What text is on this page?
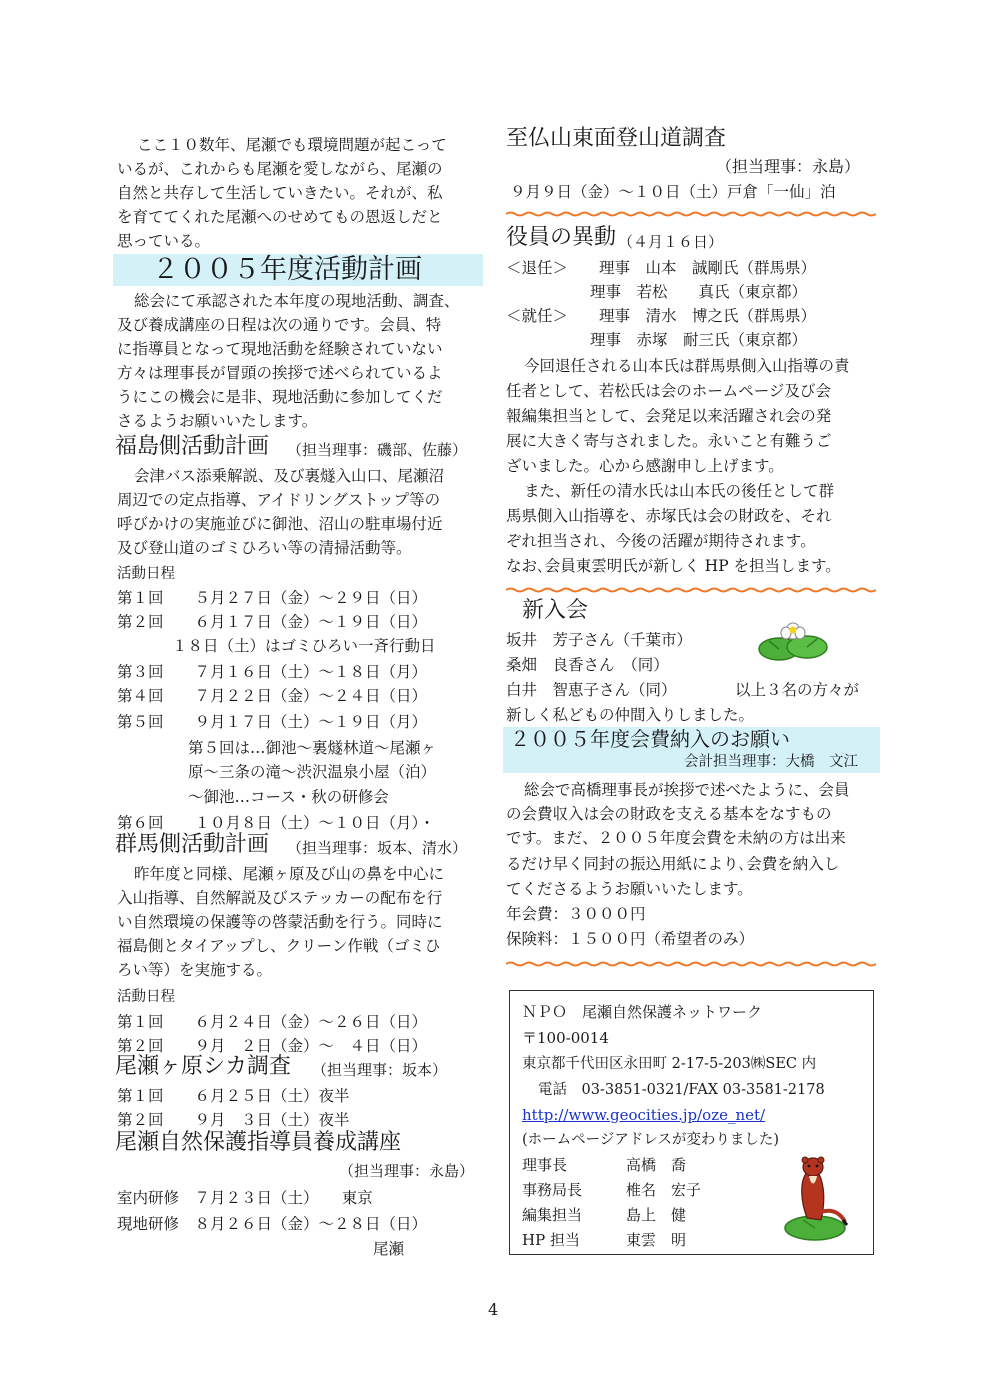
ここ１０数年、尾瀬でも環境問題が起こって
いるが、これからも尾瀬を愛しながら、尾瀬の
自然と共存して生活していきたい。それが、私
を育ててくれた尾瀬へのせめてもの恩返しだと
思っている。
２００５年度活動計画
総会にて承認された本年度の現地活動、調査、
及び養成講座の日程は次の通りです。会員、特
に指導員となって現地活動を経験されていない
方々は理事長が冒頭の挨拶で述べられているよ
うにこの機会に是非、現地活動に参加してくだ
さるようお願いいたします。
福島側活動計画 （担当理事：磯部、佐藤）
会津バス添乗解説、及び裏燧入山口、尾瀬沼
周辺での定点指導、アイドリングストップ等の
呼びかけの実施並びに御池、沼山の駐車場付近
及び登山道のゴミひろい等の清掃活動等。
活動日程
第１回　　５月２７日（金）～２９日（日）
第２回　　６月１７日（金）～１９日（日）
１８日（土）はゴミひろい一斉行動日
第３回　　７月１６日（土）～１８日（月）
第４回　　７月２２日（金）～２４日（日）
第５回　　９月１７日（土）～１９日（月）
第５回は…御池～裏燧林道～尾瀬ヶ
原～三条の滝～渋沢温泉小屋（泊）
～御池…コース・秋の研修会
第６回　　１０月８日（土）～１０日（月）・
群馬側活動計画 （担当理事：坂本、清水）
昨年度と同様、尾瀬ヶ原及び山の鼻を中心に
入山指導、自然解説及びステッカーの配布を行
い自然環境の保護等の啓蒙活動を行う。同時に
福島側とタイアップし、クリーン作戦（ゴミひ
ろい等）を実施する。
活動日程
第１回　　６月２４日（金）～２６日（日）
第２回　　９月　２日（金）～　４日（日）
尾瀬ヶ原シカ調査 （担当理事：坂本）
第１回　　６月２５日（土）夜半
第２回　　９月　３日（土）夜半
尾瀬自然保護指導員養成講座
（担当理事：永島）
室内研修　７月２３日（土）　　東京
現地研修　８月２６日（金）～２８日（日）
尾瀬
至仏山東面登山道調査
（担当理事：永島）
９月９日（金）～１０日（土）戸倉「一仙」泊
役員の異動 （４月１６日）
＜退任＞　　理事　山本　誠剛氏（群馬県）
理事　若松　　真氏（東京都）
＜就任＞　　理事　清水　博之氏（群馬県）
理事　赤塚　耐三氏（東京都）
今回退任される山本氏は群馬県側入山指導の責
任者として、若松氏は会のホームページ及び会
報編集担当として、会発足以来活躍され会の発
展に大きく寄与されました。永いこと有難うご
ざいました。心から感謝申し上げます。
また、新任の清水氏は山本氏の後任として群
馬県側入山指導を、赤塚氏は会の財政を、それ
ぞれ担当され、今後の活躍が期待されます。
なお､会員東雲明氏が新しく HP を担当します。
新入会
坂井　芳子さん（千葉市）
桑畑　良香さん　（同）
白井　智恵子さん（同）	以上３名の方々が
新しく私どもの仲間入りしました。
２００５年度会費納入のお願い
会計担当理事：大橋　文江
総会で高橋理事長が挨拶で述べたように、会員
の会費収入は会の財政を支える基本をなすもの
です。まだ、２００５年度会費を未納の方は出来
るだけ早く同封の振込用紙により､会費を納入し
てくださるようお願いいたします。
年会費：３０００円
保険料：１５００円（希望者のみ）
ＮＰＯ　尾瀬自然保護ネットワーク
〒100-0014
東京都千代田区永田町 2-17-5-203㈱SEC 内
電話　03-3851-0321/FAX 03-3581-2178
http://www.geocities.jp/oze_net/
(ホームページアドレスが変わりました)
理事長	高橋　喬
事務局長	椎名　宏子
編集担当	島上　健
HP 担当	東雲　明
4
